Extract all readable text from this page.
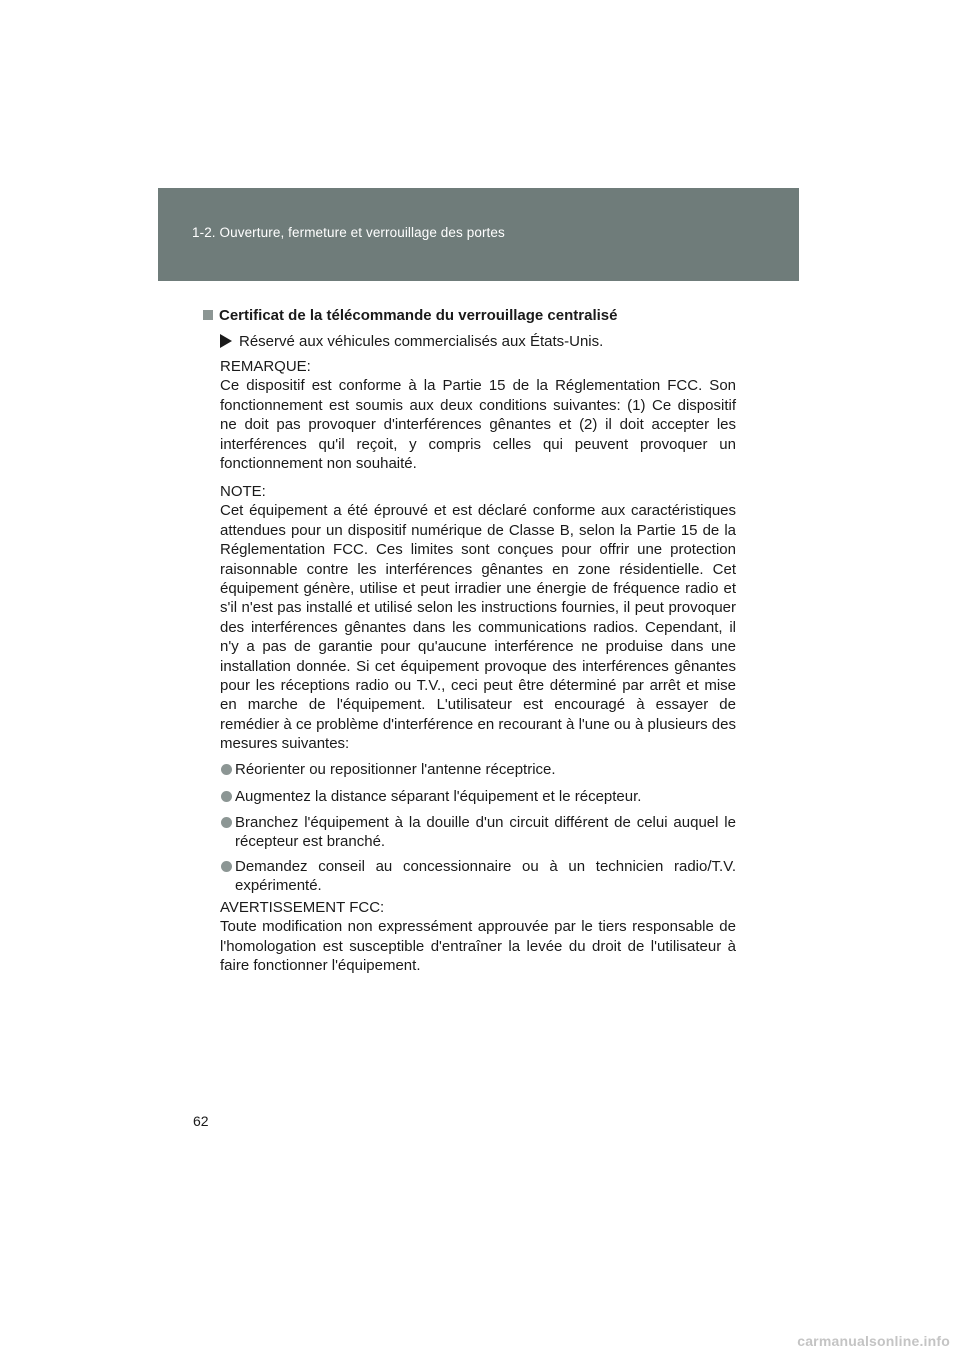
1-2. Ouverture, fermeture et verrouillage des portes
Certificat de la télécommande du verrouillage centralisé
Réservé aux véhicules commercialisés aux États-Unis.
REMARQUE:
Ce dispositif est conforme à la Partie 15 de la Réglementation FCC. Son fonctionnement est soumis aux deux conditions suivantes: (1) Ce dispositif ne doit pas provoquer d'interférences gênantes et (2) il doit accepter les interférences qu'il reçoit, y compris celles qui peuvent provoquer un fonctionnement non souhaité.
NOTE:
Cet équipement a été éprouvé et est déclaré conforme aux caractéristiques attendues pour un dispositif numérique de Classe B, selon la Partie 15 de la Réglementation FCC. Ces limites sont conçues pour offrir une protection raisonnable contre les interférences gênantes en zone résidentielle. Cet équipement génère, utilise et peut irradier une énergie de fréquence radio et s'il n'est pas installé et utilisé selon les instructions fournies, il peut provoquer des interférences gênantes dans les communications radios. Cependant, il n'y a pas de garantie pour qu'aucune interférence ne produise dans une installation donnée. Si cet équipement provoque des interférences gênantes pour les réceptions radio ou T.V., ceci peut être déterminé par arrêt et mise en marche de l'équipement. L'utilisateur est encouragé à essayer de remédier à ce problème d'interférence en recourant à l'une ou à plusieurs des mesures suivantes:
Réorienter ou repositionner l'antenne réceptrice.
Augmentez la distance séparant l'équipement et le récepteur.
Branchez l'équipement à la douille d'un circuit différent de celui auquel le récepteur est branché.
Demandez conseil au concessionnaire ou à un technicien radio/T.V. expérimenté.
AVERTISSEMENT FCC:
Toute modification non expressément approuvée par le tiers responsable de l'homologation est susceptible d'entraîner la levée du droit de l'utilisateur à faire fonctionner l'équipement.
62
carmanualsonline.info
